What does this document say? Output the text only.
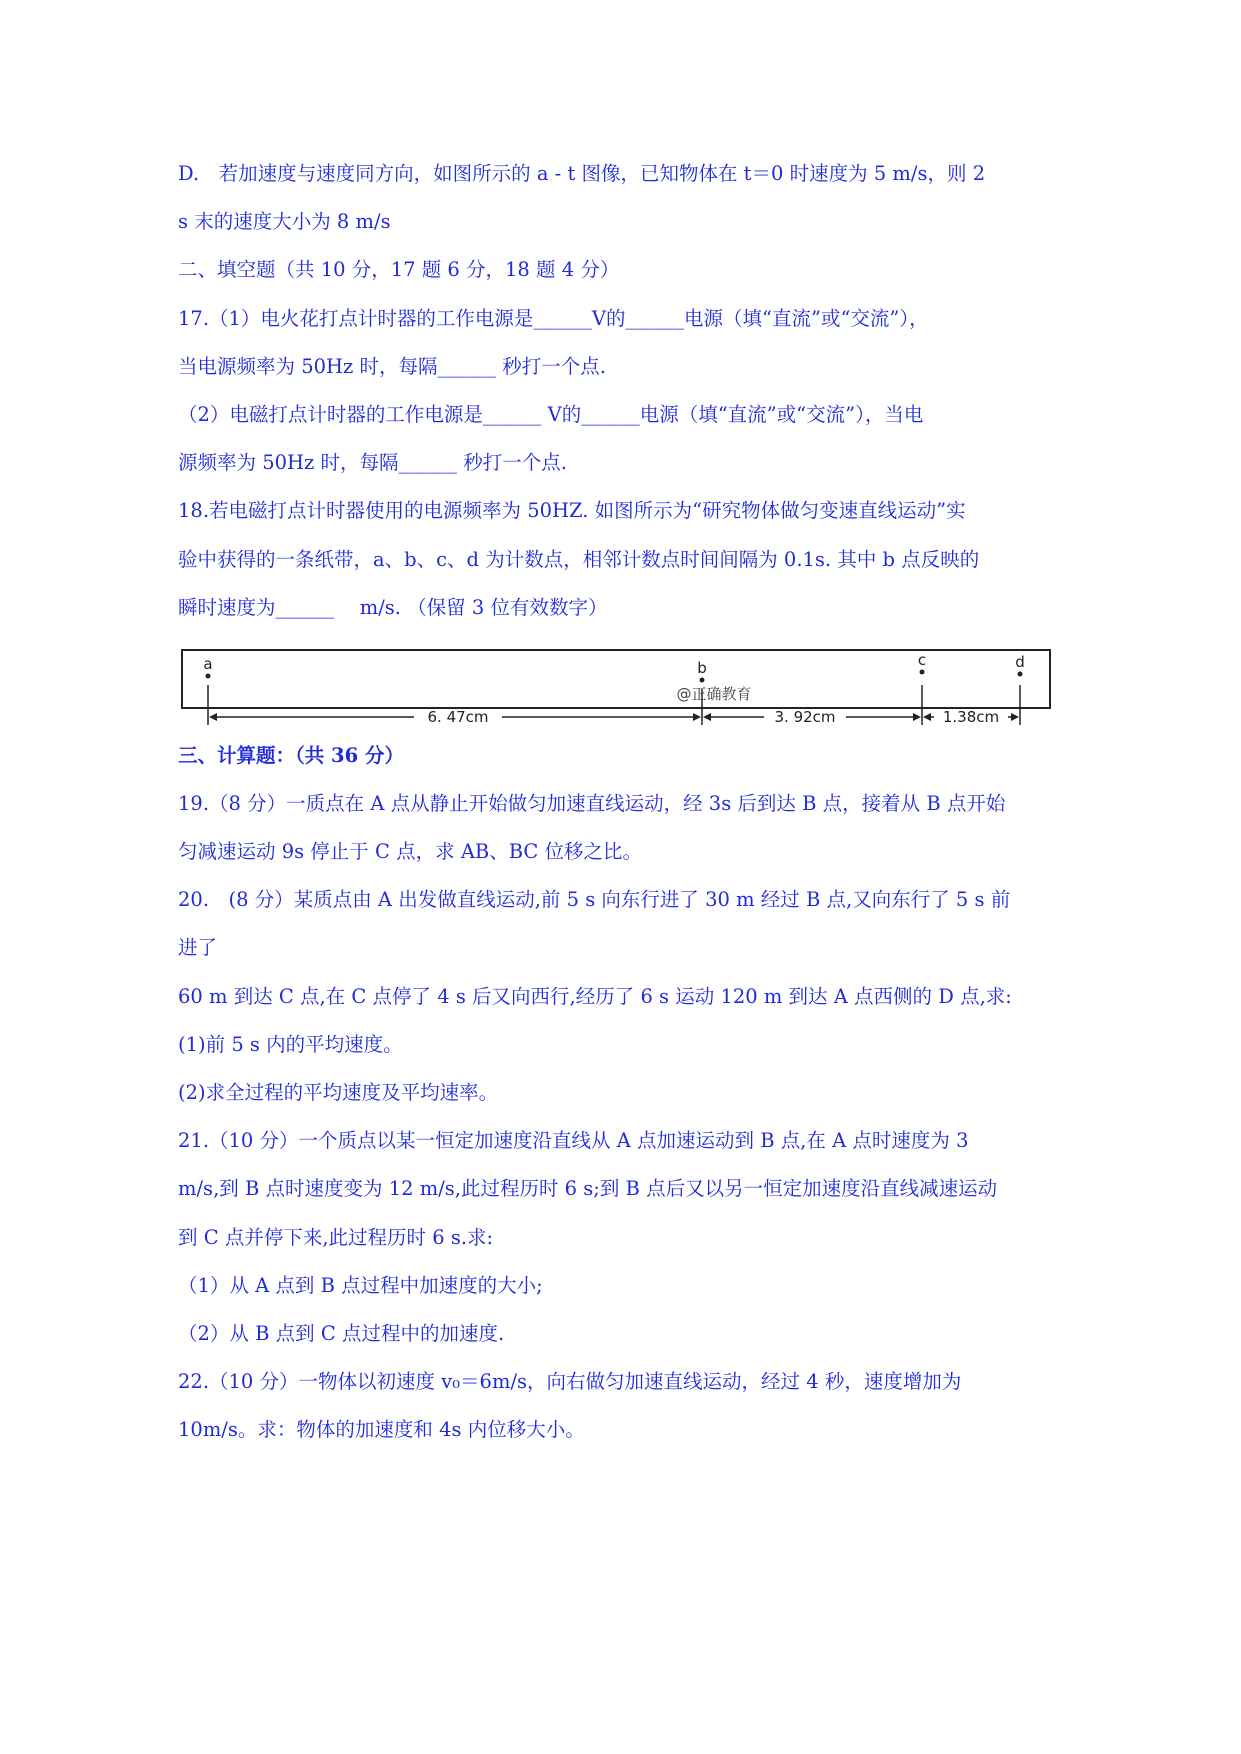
D.　若加速度与速度同方向，如图所示的 a - t 图像，已知物体在 t＝0 时速度为 5 m/s，则 2
s 末的速度大小为 8 m/s
二、填空题（共 10 分，17 题 6 分，18 题 4 分）
17.（1）电火花打点计时器的工作电源是______V的______电源（填“直流”或“交流”），
当电源频率为 50Hz 时，每隔______ 秒打一个点.
（2）电磁打点计时器的工作电源是______ V的______电源（填“直流”或“交流”），当电
源频率为 50Hz 时，每隔______ 秒打一个点.
18.若电磁打点计时器使用的电源频率为 50HZ. 如图所示为“研究物体做匀变速直线运动”实
验中获得的一条纸带，a、b、c、d 为计数点，相邻计数点时间间隔为 0.1s. 其中 b 点反映的
瞬时速度为______　 m/s. （保留 3 位有效数字）
a	b	c	d
@正确教育
6. 47cm	3. 92cm	1.38cm
三、计算题：（共 36 分）
19.（8 分）一质点在 A 点从静止开始做匀加速直线运动，经 3s 后到达 B 点，接着从 B 点开始
匀减速运动 9s 停止于 C 点，求 AB、BC 位移之比。
20.　(8 分）某质点由 A 出发做直线运动,前 5 s 向东行进了 30 m 经过 B 点,又向东行了 5 s 前
进了
60 m 到达 C 点,在 C 点停了 4 s 后又向西行,经历了 6 s 运动 120 m 到达 A 点西侧的 D 点,求:
(1)前 5 s 内的平均速度。
(2)求全过程的平均速度及平均速率。
21.（10 分）一个质点以某一恒定加速度沿直线从 A 点加速运动到 B 点,在 A 点时速度为 3
m/s,到 B 点时速度变为 12 m/s,此过程历时 6 s;到 B 点后又以另一恒定加速度沿直线减速运动
到 C 点并停下来,此过程历时 6 s.求:
（1）从 A 点到 B 点过程中加速度的大小;
（2）从 B 点到 C 点过程中的加速度.
22.（10 分）一物体以初速度 v₀＝6m/s，向右做匀加速直线运动，经过 4 秒，速度增加为
10m/s。求：物体的加速度和 4s 内位移大小。
